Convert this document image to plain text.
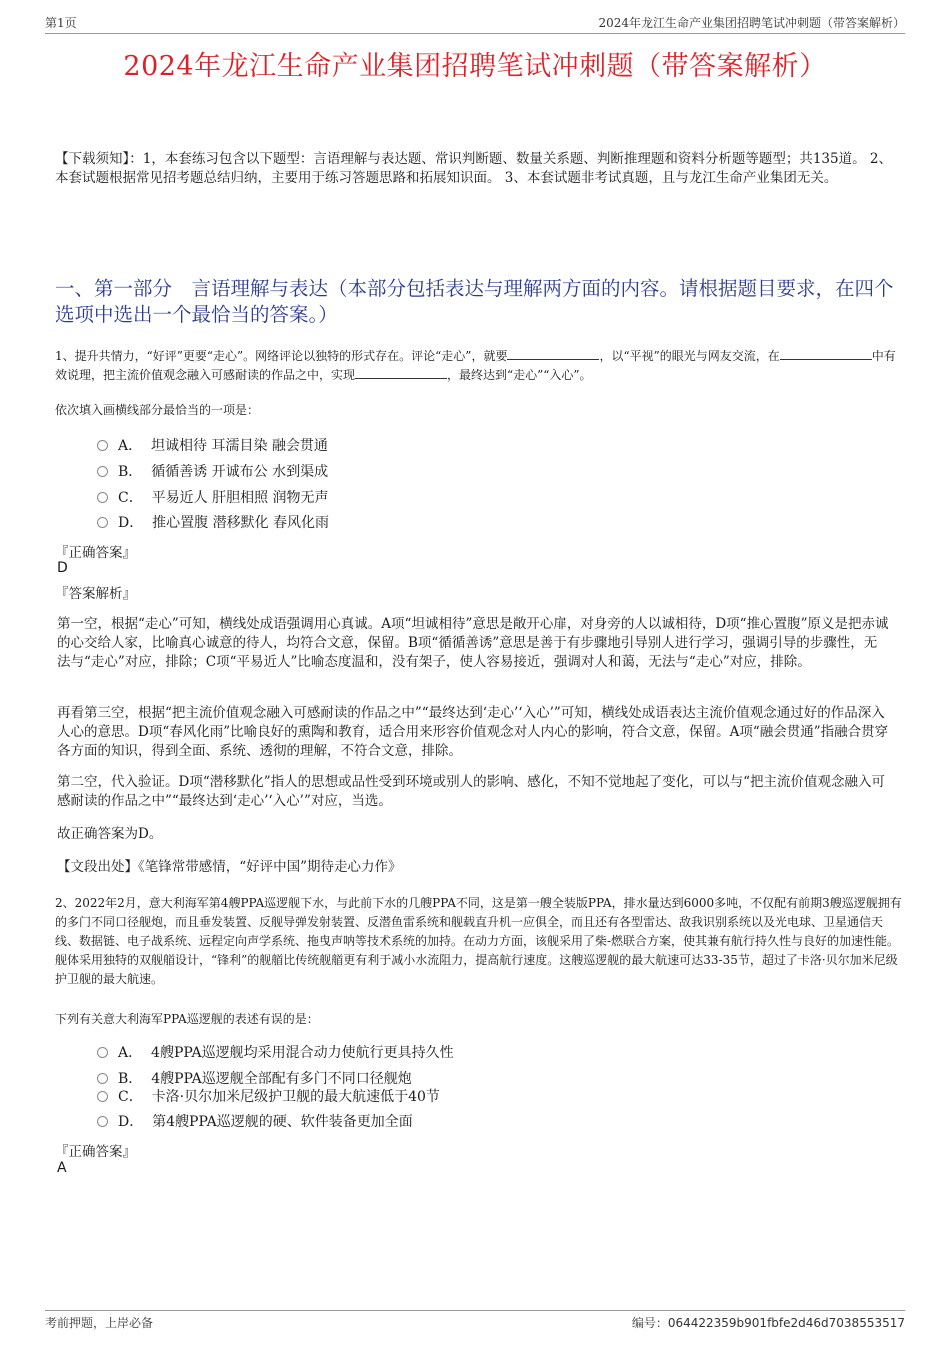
第1页	2024年龙江生命产业集团招聘笔试冲刺题（带答案解析）
2024年龙江生命产业集团招聘笔试冲刺题（带答案解析）
【下载须知】：1，本套练习包含以下题型：言语理解与表达题、常识判断题、数量关系题、判断推理题和资料分析题等题型；共135道。 2、本套试题根据常见招考题总结归纳，主要用于练习答题思路和拓展知识面。 3、本套试题非考试真题，且与龙江生命产业集团无关。
一、第一部分　言语理解与表达（本部分包括表达与理解两方面的内容。请根据题目要求，在四个选项中选出一个最恰当的答案。）
1、提升共情力，“好评”更要“走心”。网络评论以独特的形式存在。评论“走心”，就要	，以“平视”的眼光与网友交流，在	中有效说理，把主流价值观念融入可感耐读的作品之中，实现	，最终达到“走心”“入心”。
依次填入画横线部分最恰当的一项是：
A． 坦诚相待 耳濡目染 融会贯通
B． 循循善诱 开诚布公 水到渠成
C． 平易近人 肝胆相照 润物无声
D． 推心置腹 潜移默化 春风化雨
『正确答案』
D
『答案解析』
第一空，根据“走心”可知，横线处成语强调用心真诚。A项“坦诚相待”意思是敞开心扉，对身旁的人以诚相待，D项“推心置腹”原义是把赤诚的心交给人家，比喻真心诚意的待人，均符合文意，保留。B项“循循善诱”意思是善于有步骤地引导别人进行学习，强调引导的步骤性，无法与“走心”对应，排除；C项“平易近人”比喻态度温和，没有架子，使人容易接近，强调对人和蔼，无法与“走心”对应，排除。
再看第三空，根据“把主流价值观念融入可感耐读的作品之中”“最终达到‘走心’‘入心’”可知，横线处成语表达主流价值观念通过好的作品深入人心的意思。D项“春风化雨”比喻良好的熏陶和教育，适合用来形容价值观念对人内心的影响，符合文意，保留。A项“融会贯通”指融合贯穿各方面的知识，得到全面、系统、透彻的理解，不符合文意，排除。
第二空，代入验证。D项“潜移默化”指人的思想或品性受到环境或别人的影响、感化，不知不觉地起了变化，可以与“把主流价值观念融入可感耐读的作品之中”“最终达到‘走心’‘入心’”对应，当选。
故正确答案为D。
【文段出处】《笔锋常带感情，“好评中国”期待走心力作》
2、2022年2月，意大利海军第4艘PPA巡逻舰下水，与此前下水的几艘PPA不同，这是第一艘全装版PPA，排水量达到6000多吨，不仅配有前期3艘巡逻舰拥有的多门不同口径舰炮，而且垂发装置、反舰导弹发射装置、反潜鱼雷系统和舰载直升机一应俱全，而且还有各型雷达、敌我识别系统以及光电球、卫星通信天线、数据链、电子战系统、远程定向声学系统、拖曳声呐等技术系统的加持。在动力方面，该舰采用了柴-燃联合方案，使其兼有航行持久性与良好的加速性能。舰体采用独特的双舰艏设计，“锋利”的舰艏比传统舰艏更有利于减小水流阻力，提高航行速度。这艘巡逻舰的最大航速可达33-35节，超过了卡洛·贝尔加米尼级护卫舰的最大航速。
下列有关意大利海军PPA巡逻舰的表述有误的是：
A． 4艘PPA巡逻舰均采用混合动力使航行更具持久性
B． 4艘PPA巡逻舰全部配有多门不同口径舰炮
C． 卡洛·贝尔加米尼级护卫舰的最大航速低于40节
D． 第4艘PPA巡逻舰的硬、软件装备更加全面
『正确答案』
A
考前押题，上岸必备	编号：064422359b901fbfe2d46d7038553517
